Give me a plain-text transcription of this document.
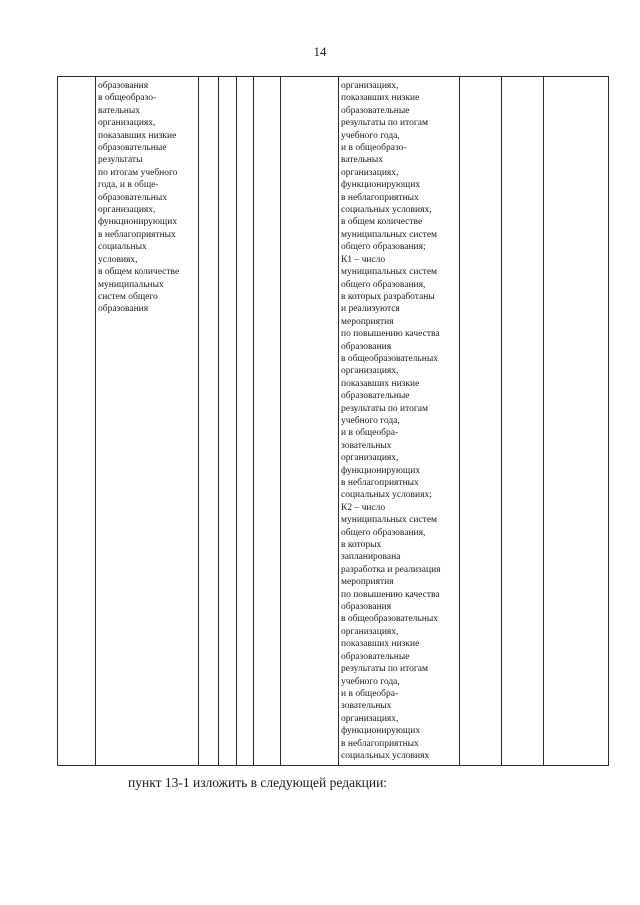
14

образования
в общеобразо-
вательных
организациях,
показавших низкие
образовательные
результаты
по итогам учебного
года, и в обще-
образовательных
организациях,
функционирующих
в неблагоприятных
социальных
условиях,
в общем количестве
муниципальных
систем общего
образования

организациях,
показавших низкие
образовательные
результаты по итогам
учебного года,
и в общеобразо-
вательных
организациях,
функционирующих
в неблагоприятных
социальных условиях,
в общем количестве
муниципальных систем
общего образования;
К1 – число
муниципальных систем
общего образования,
в которых разработаны
и реализуются
мероприятия
по повышению качества
образования
в общеобразовательных
организациях,
показавших низкие
образовательные
результаты по итогам
учебного года,
и в общеобра-
зовательных
организациях,
функционирующих
в неблагоприятных
социальных условиях;
К2 – число
муниципальных систем
общего образования,
в которых
запланирована
разработка и реализация
мероприятия
по повышению качества
образования
в общеобразовательных
организациях,
показавших низкие
образовательные
результаты по итогам
учебного года,
и в общеобра-
зовательных
организациях,
функционирующих
в неблагоприятных
социальных условиях

пункт 13-1 изложить в следующей редакции:
